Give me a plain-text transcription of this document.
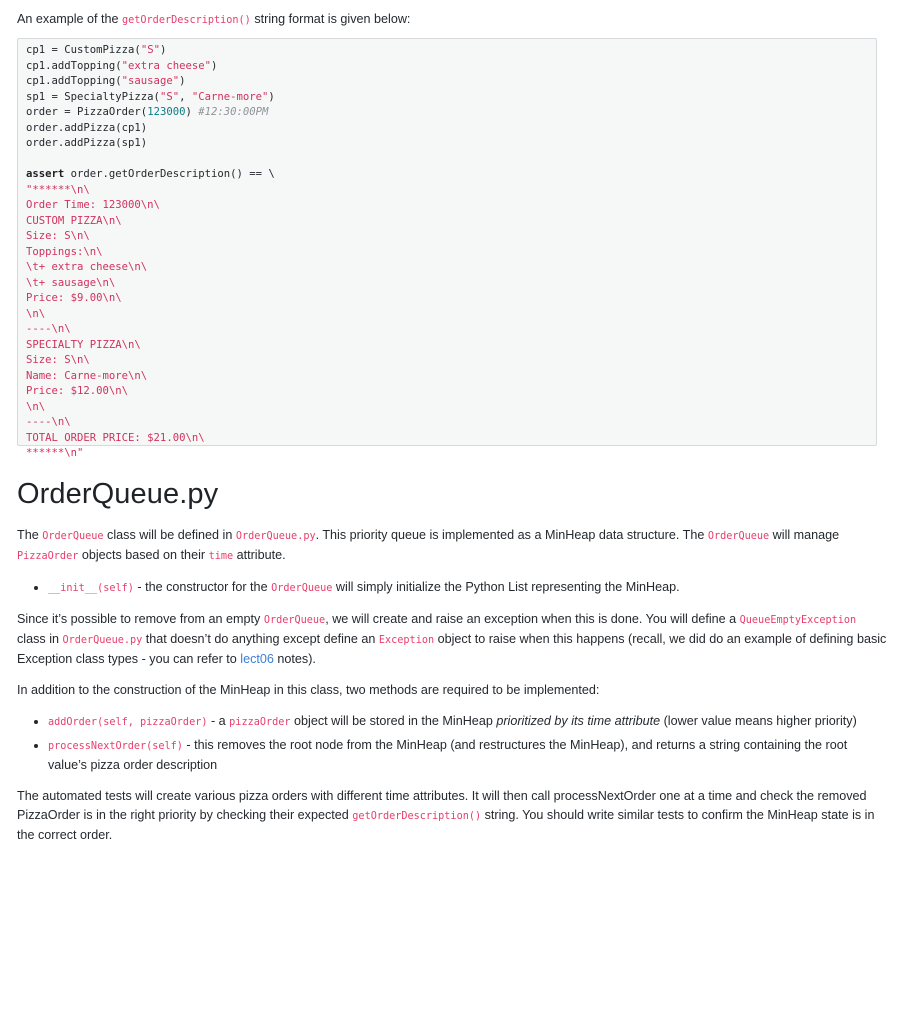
An example of the getOrderDescription() string format is given below:

cp1 = CustomPizza("S")
cp1.addTopping("extra cheese")
cp1.addTopping("sausage")
sp1 = SpecialtyPizza("S", "Carne-more")
order = PizzaOrder(123000) #12:30:00PM
order.addPizza(cp1)
order.addPizza(sp1)

assert order.getOrderDescription() == \
"******\n\
Order Time: 123000\n\
CUSTOM PIZZA\n\
Size: S\n\
Toppings:\n\
\t+ extra cheese\n\
\t+ sausage\n\
Price: $9.00\n\
\n\
----\n\
SPECIALTY PIZZA\n\
Size: S\n\
Name: Carne-more\n\
Price: $12.00\n\
\n\
----\n\
TOTAL ORDER PRICE: $21.00\n\
******\n"
OrderQueue.py

The OrderQueue class will be defined in OrderQueue.py. This priority queue is implemented as a MinHeap data structure. The OrderQueue will manage PizzaOrder objects based on their time attribute.

• __init__(self) - the constructor for the OrderQueue will simply initialize the Python List representing the MinHeap.

Since it’s possible to remove from an empty OrderQueue, we will create and raise an exception when this is done. You will define a QueueEmptyException class in OrderQueue.py that doesn’t do anything except define an Exception object to raise when this happens (recall, we did do an example of defining basic Exception class types - you can refer to lect06 notes).

In addition to the construction of the MinHeap in this class, two methods are required to be implemented:

• addOrder(self, pizzaOrder) - a pizzaOrder object will be stored in the MinHeap prioritized by its time attribute (lower value means higher priority)
• processNextOrder(self) - this removes the root node from the MinHeap (and restructures the MinHeap), and returns a string containing the root value’s pizza order description

The automated tests will create various pizza orders with different time attributes. It will then call processNextOrder one at a time and check the removed PizzaOrder is in the right priority by checking their expected getOrderDescription() string. You should write similar tests to confirm the MinHeap state is in the correct order.
